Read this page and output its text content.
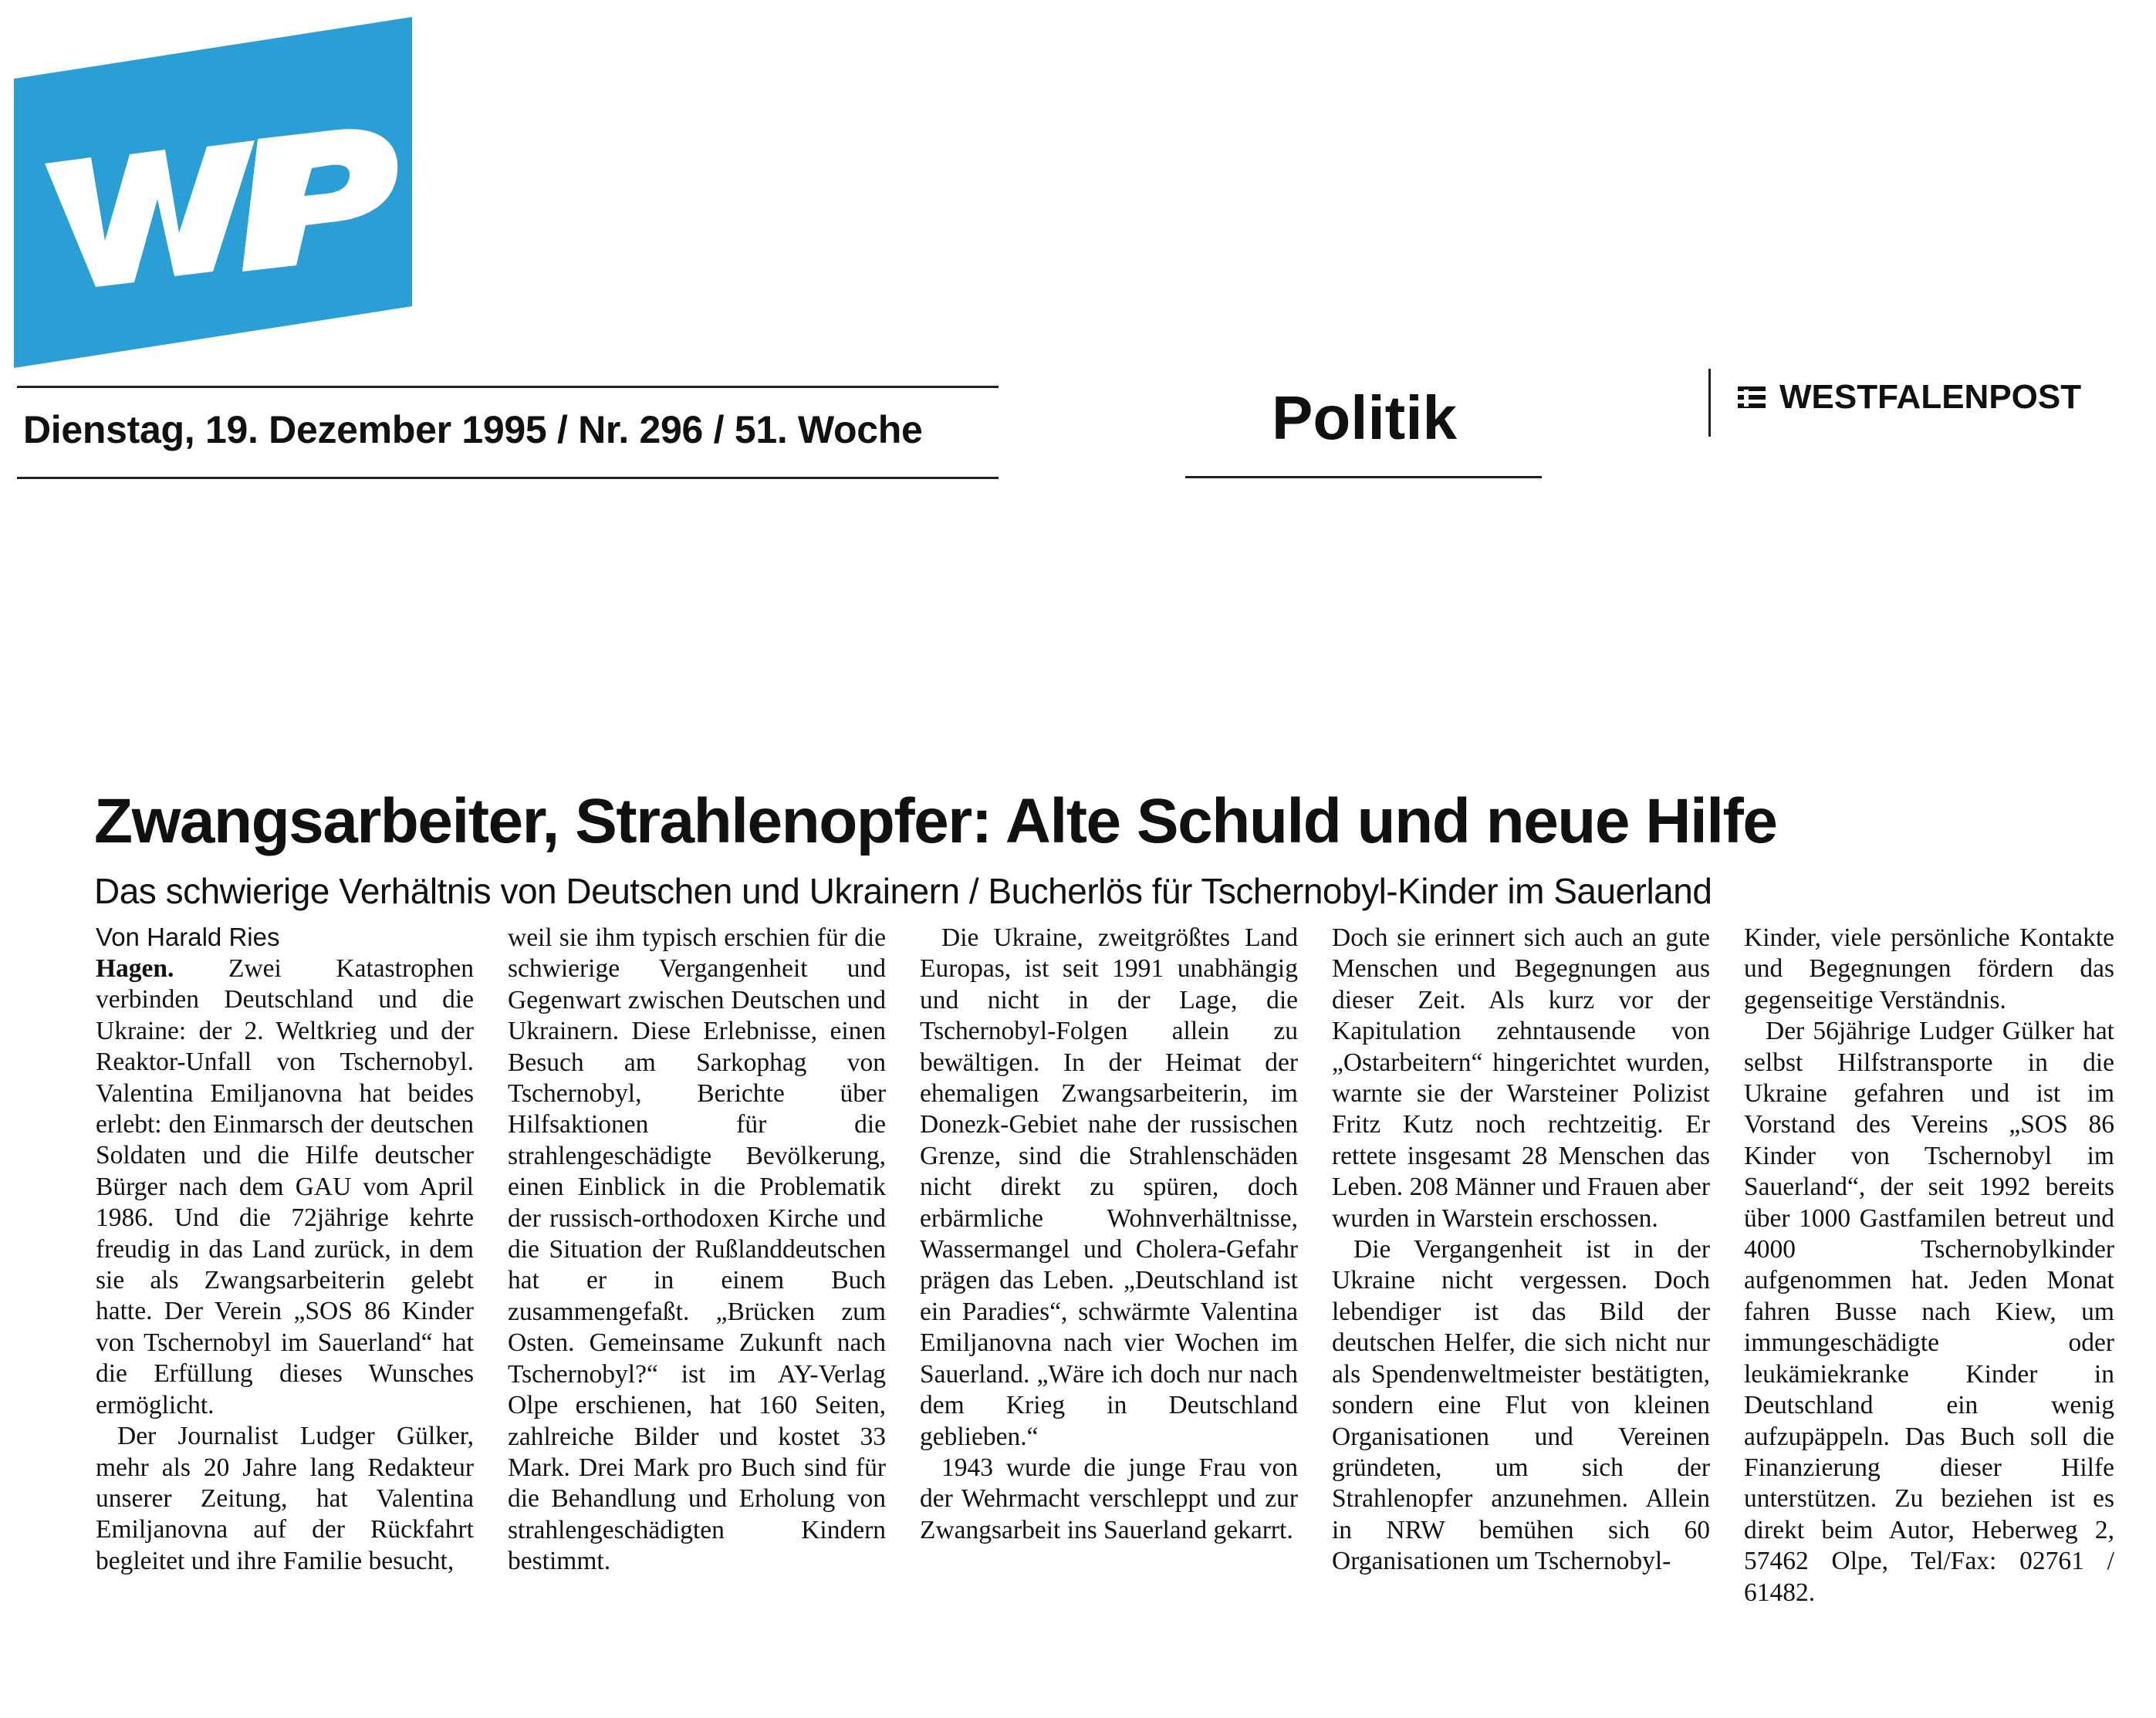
Dienstag, 19. Dezember 1995 / Nr. 296 / 51. Woche	Politik	WESTFALENPOST
Zwangsarbeiter, Strahlenopfer: Alte Schuld und neue Hilfe
Das schwierige Verhältnis von Deutschen und Ukrainern / Bucherlös für Tschernobyl-Kinder im Sauerland
Von Harald Ries

Hagen. Zwei Katastrophen verbinden Deutschland und die Ukraine: der 2. Weltkrieg und der Reaktor-Unfall von Tschernobyl. Valentina Emiljanovna hat beides erlebt: den Einmarsch der deutschen Soldaten und die Hilfe deutscher Bürger nach dem GAU vom April 1986. Und die 72jährige kehrte freudig in das Land zurück, in dem sie als Zwangsarbeiterin gelebt hatte. Der Verein „SOS 86 Kinder von Tschernobyl im Sauerland“ hat die Erfüllung dieses Wunsches ermöglicht.

Der Journalist Ludger Gülker, mehr als 20 Jahre lang Redakteur unserer Zeitung, hat Valentina Emiljanovna auf der Rückfahrt begleitet und ihre Familie besucht,

weil sie ihm typisch erschien für die schwierige Vergangenheit und Gegenwart zwischen Deutschen und Ukrainern. Diese Erlebnisse, einen Besuch am Sarkophag von Tschernobyl, Berichte über Hilfsaktionen für die strahlengeschädigte Bevölkerung, einen Einblick in die Problematik der russisch-orthodoxen Kirche und die Situation der Rußlanddeutschen hat er in einem Buch zusammengefaßt. „Brücken zum Osten. Gemeinsame Zukunft nach Tschernobyl?“ ist im AY-Verlag Olpe erschienen, hat 160 Seiten, zahlreiche Bilder und kostet 33 Mark. Drei Mark pro Buch sind für die Behandlung und Erholung von strahlengeschädigten Kindern bestimmt.

Die Ukraine, zweitgrößtes Land Europas, ist seit 1991 unabhängig und nicht in der Lage, die Tschernobyl-Folgen allein zu bewältigen. In der Heimat der ehemaligen Zwangsarbeiterin, im Donezk-Gebiet nahe der russischen Grenze, sind die Strahlenschäden nicht direkt zu spüren, doch erbärmliche Wohnverhältnisse, Wassermangel und Cholera-Gefahr prägen das Leben. „Deutschland ist ein Paradies“, schwärmte Valentina Emiljanovna nach vier Wochen im Sauerland. „Wäre ich doch nur nach dem Krieg in Deutschland geblieben.“

1943 wurde die junge Frau von der Wehrmacht verschleppt und zur Zwangsarbeit ins Sauerland gekarrt.

Doch sie erinnert sich auch an gute Menschen und Begegnungen aus dieser Zeit. Als kurz vor der Kapitulation zehntausende von „Ostarbeitern“ hingerichtet wurden, warnte sie der Warsteiner Polizist Fritz Kutz noch rechtzeitig. Er rettete insgesamt 28 Menschen das Leben. 208 Männer und Frauen aber wurden in Warstein erschossen.

Die Vergangenheit ist in der Ukraine nicht vergessen. Doch lebendiger ist das Bild der deutschen Helfer, die sich nicht nur als Spendenweltmeister bestätigten, sondern eine Flut von kleinen Organisationen und Vereinen gründeten, um sich der Strahlenopfer anzunehmen. Allein in NRW bemühen sich 60 Organisationen um Tschernobyl-

Kinder, viele persönliche Kontakte und Begegnungen fördern das gegenseitige Verständnis.

Der 56jährige Ludger Gülker hat selbst Hilfstransporte in die Ukraine gefahren und ist im Vorstand des Vereins „SOS 86 Kinder von Tschernobyl im Sauerland“, der seit 1992 bereits über 1000 Gastfamilen betreut und 4000 Tschernobylkinder aufgenommen hat. Jeden Monat fahren Busse nach Kiew, um immungeschädigte oder leukämiekranke Kinder in Deutschland ein wenig aufzupäppeln. Das Buch soll die Finanzierung dieser Hilfe unterstützen. Zu beziehen ist es direkt beim Autor, Heberweg 2, 57462 Olpe, Tel/Fax: 02761 / 61482.
